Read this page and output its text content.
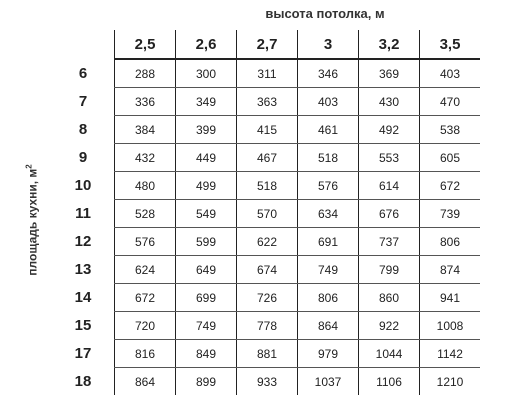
высота потолка, м
площадь кухни, $м^2$
	2,5	2,6	2,7	3	3,2	3,5
6	288	300	311	346	369	403
7	336	349	363	403	430	470
8	384	399	415	461	492	538
9	432	449	467	518	553	605
10	480	499	518	576	614	672
11	528	549	570	634	676	739
12	576	599	622	691	737	806
13	624	649	674	749	799	874
14	672	699	726	806	860	941
15	720	749	778	864	922	1008
17	816	849	881	979	1044	1142
18	864	899	933	1037	1106	1210
